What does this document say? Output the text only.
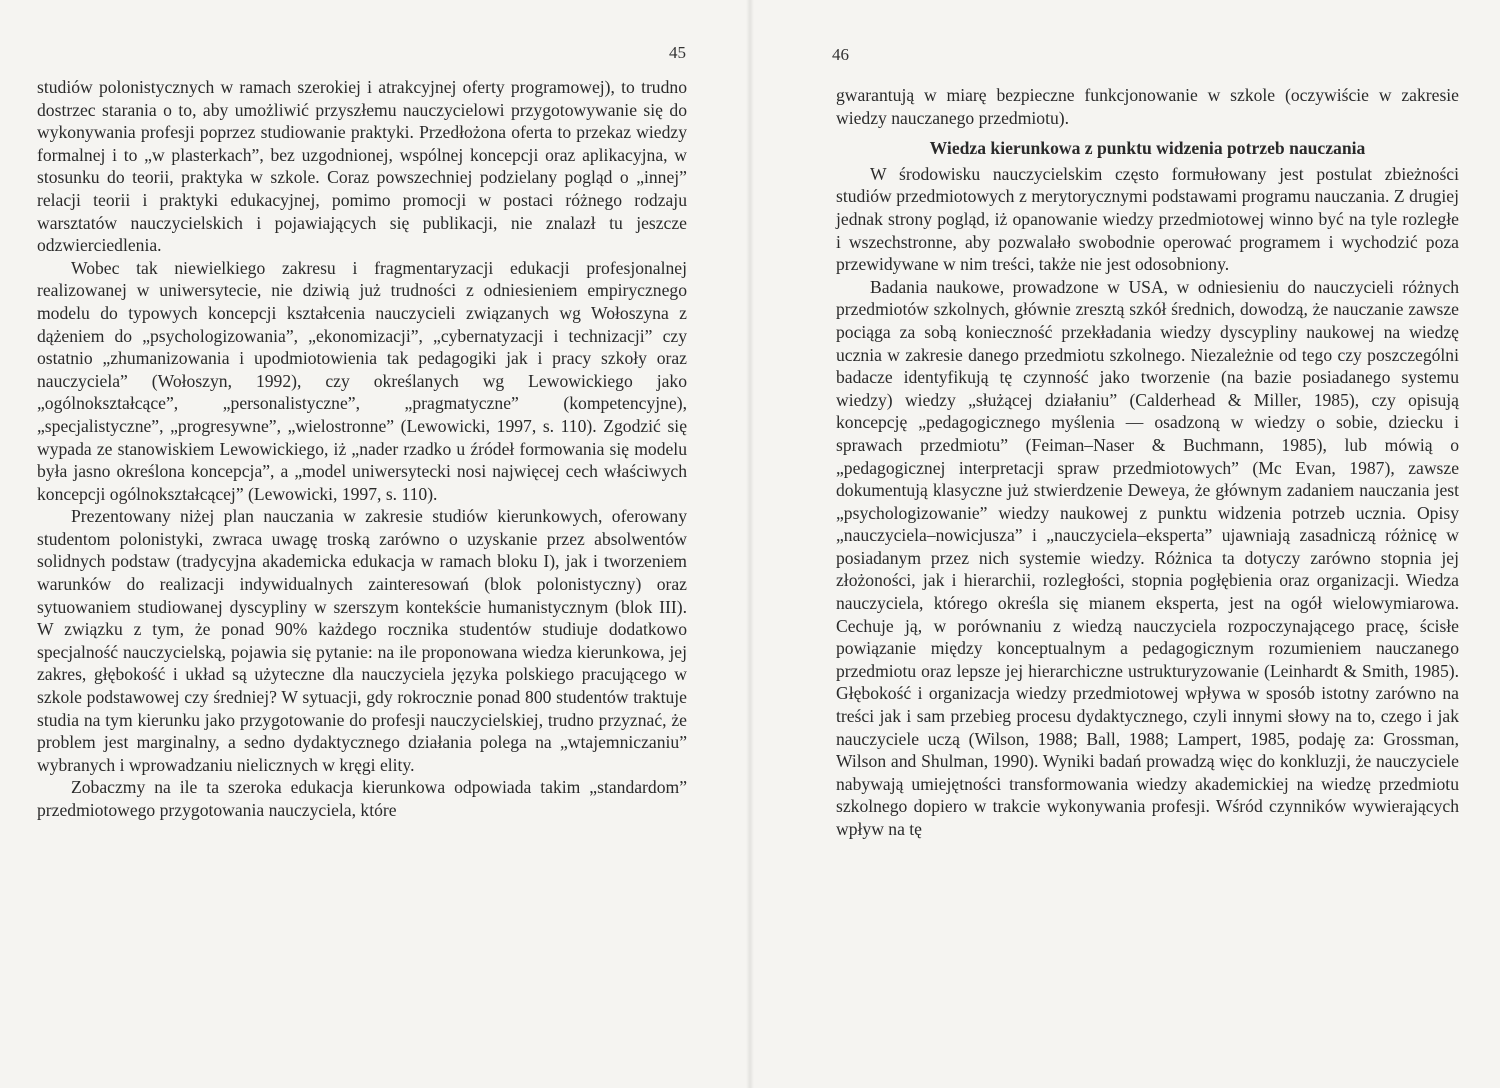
45

studiów polonistycznych w ramach szerokiej i atrakcyjnej oferty programowej), to trudno dostrzec starania o to, aby umożliwić przyszłemu nauczycielowi przygotowywanie się do wykonywania profesji poprzez studiowanie praktyki. Przedłożona oferta to przekaz wiedzy formalnej i to „w plasterkach”, bez uzgodnionej, wspólnej koncepcji oraz aplikacyjna, w stosunku do teorii, praktyka w szkole. Coraz powszechniej podzielany pogląd o „innej” relacji teorii i praktyki edukacyjnej, pomimo promocji w postaci różnego rodzaju warsztatów nauczycielskich i pojawiających się publikacji, nie znalazł tu jeszcze odzwierciedlenia.

Wobec tak niewielkiego zakresu i fragmentaryzacji edukacji profesjonalnej realizowanej w uniwersytecie, nie dziwią już trudności z odniesieniem empirycznego modelu do typowych koncepcji kształcenia nauczycieli związanych wg Wołoszyna z dążeniem do „psychologizowania”, „ekonomizacji”, „cybernatyzacji i technizacji” czy ostatnio „zhumanizowania i upodmiotowienia tak pedagogiki jak i pracy szkoły oraz nauczyciela” (Wołoszyn, 1992), czy określanych wg Lewowickiego jako „ogólnokształcące”, „personalistyczne”, „pragmatyczne” (kompetencyjne), „specjalistyczne”, „progresywne”, „wielostronne” (Lewowicki, 1997, s. 110). Zgodzić się wypada ze stanowiskiem Lewowickiego, iż „nader rzadko u źródeł formowania się modelu była jasno określona koncepcja”, a „model uniwersytecki nosi najwięcej cech właściwych koncepcji ogólnokształcącej” (Lewowicki, 1997, s. 110).

Prezentowany niżej plan nauczania w zakresie studiów kierunkowych, oferowany studentom polonistyki, zwraca uwagę troską zarówno o uzyskanie przez absolwentów solidnych podstaw (tradycyjna akademicka edukacja w ramach bloku I), jak i tworzeniem warunków do realizacji indywidualnych zainteresowań (blok polonistyczny) oraz sytuowaniem studiowanej dyscypliny w szerszym kontekście humanistycznym (blok III). W związku z tym, że ponad 90% każdego rocznika studentów studiuje dodatkowo specjalność nauczycielską, pojawia się pytanie: na ile proponowana wiedza kierunkowa, jej zakres, głębokość i układ są użyteczne dla nauczyciela języka polskiego pracującego w szkole podstawowej czy średniej? W sytuacji, gdy rokrocznie ponad 800 studentów traktuje studia na tym kierunku jako przygotowanie do profesji nauczycielskiej, trudno przyznać, że problem jest marginalny, a sedno dydaktycznego działania polega na „wtajemniczaniu” wybranych i wprowadzaniu nielicznych w kręgi elity.

Zobaczmy na ile ta szeroka edukacja kierunkowa odpowiada takim „standardom” przedmiotowego przygotowania nauczyciela, które

46

gwarantują w miarę bezpieczne funkcjonowanie w szkole (oczywiście w zakresie wiedzy nauczanego przedmiotu).

Wiedza kierunkowa z punktu widzenia potrzeb nauczania

W środowisku nauczycielskim często formułowany jest postulat zbieżności studiów przedmiotowych z merytorycznymi podstawami programu nauczania. Z drugiej jednak strony pogląd, iż opanowanie wiedzy przedmiotowej winno być na tyle rozległe i wszechstronne, aby pozwalało swobodnie operować programem i wychodzić poza przewidywane w nim treści, także nie jest odosobniony.

Badania naukowe, prowadzone w USA, w odniesieniu do nauczycieli różnych przedmiotów szkolnych, głównie zresztą szkół średnich, dowodzą, że nauczanie zawsze pociąga za sobą konieczność przekładania wiedzy dyscypliny naukowej na wiedzę ucznia w zakresie danego przedmiotu szkolnego. Niezależnie od tego czy poszczególni badacze identyfikują tę czynność jako tworzenie (na bazie posiadanego systemu wiedzy) wiedzy „służącej działaniu” (Calderhead & Miller, 1985), czy opisują koncepcję „pedagogicznego myślenia — osadzoną w wiedzy o sobie, dziecku i sprawach przedmiotu” (Feiman–Naser & Buchmann, 1985), lub mówią o „pedagogicznej interpretacji spraw przedmiotowych” (Mc Evan, 1987), zawsze dokumentują klasyczne już stwierdzenie Deweya, że głównym zadaniem nauczania jest „psychologizowanie” wiedzy naukowej z punktu widzenia potrzeb ucznia. Opisy „nauczyciela–nowicjusza” i „nauczyciela–eksperta” ujawniają zasadniczą różnicę w posiadanym przez nich systemie wiedzy. Różnica ta dotyczy zarówno stopnia jej złożoności, jak i hierarchii, rozległości, stopnia pogłębienia oraz organizacji. Wiedza nauczyciela, którego określa się mianem eksperta, jest na ogół wielowymiarowa. Cechuje ją, w porównaniu z wiedzą nauczyciela rozpoczynającego pracę, ścisłe powiązanie między konceptualnym a pedagogicznym rozumieniem nauczanego przedmiotu oraz lepsze jej hierarchiczne ustrukturyzowanie (Leinhardt & Smith, 1985). Głębokość i organizacja wiedzy przedmiotowej wpływa w sposób istotny zarówno na treści jak i sam przebieg procesu dydaktycznego, czyli innymi słowy na to, czego i jak nauczyciele uczą (Wilson, 1988; Ball, 1988; Lampert, 1985, podaję za: Grossman, Wilson and Shulman, 1990). Wyniki badań prowadzą więc do konkluzji, że nauczyciele nabywają umiejętności transformowania wiedzy akademickiej na wiedzę przedmiotu szkolnego dopiero w trakcie wykonywania profesji. Wśród czynników wywierających wpływ na tę
